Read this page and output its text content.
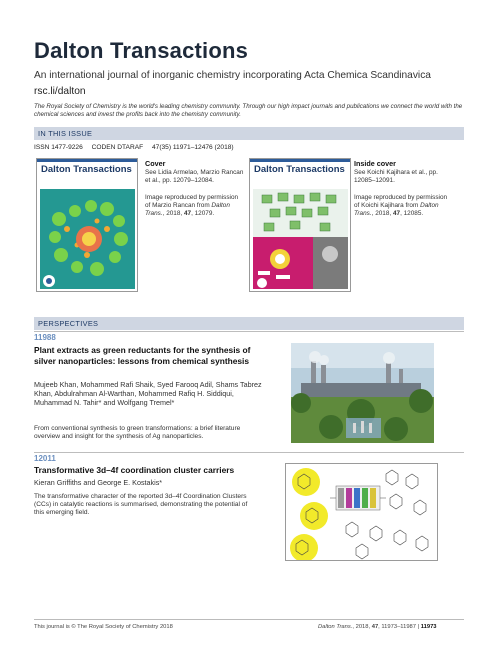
Dalton Transactions
An international journal of inorganic chemistry incorporating Acta Chemica Scandinavica
rsc.li/dalton
The Royal Society of Chemistry is the world's leading chemistry community. Through our high impact journals and publications we connect the world with the chemical sciences and invest the profits back into the chemistry community.
IN THIS ISSUE
ISSN 1477-9226 CODEN DTARAF 47(35) 11971–12476 (2018)
Dalton Transactions
Cover
See Lidia Armelao, Marzio Rancan et al., pp. 12079–12084.
Image reproduced by permission of Marzio Rancan from Dalton Trans., 2018, 47, 12079.
Dalton Transactions
Inside cover
See Koichi Kajihara et al., pp. 12085–12091.
Image reproduced by permission of Koichi Kajihara from Dalton Trans., 2018, 47, 12085.
PERSPECTIVES
11988
Plant extracts as green reductants for the synthesis of silver nanoparticles: lessons from chemical synthesis
Mujeeb Khan, Mohammed Rafi Shaik, Syed Farooq Adil, Shams Tabrez Khan, Abdulrahman Al-Warthan, Mohammed Rafiq H. Siddiqui, Muhammad N. Tahir* and Wolfgang Tremel*
From conventional synthesis to green transformations: a brief literature overview and insight for the synthesis of Ag nanoparticles.
12011
Transformative 3d–4f coordination cluster carriers
Kieran Griffiths and George E. Kostakis*
The transformative character of the reported 3d–4f Coordination Clusters (CCs) in catalytic reactions is summarised, demonstrating the potential of this emerging field.
This journal is © The Royal Society of Chemistry 2018	Dalton Trans., 2018, 47, 11973–11987 | 11973
